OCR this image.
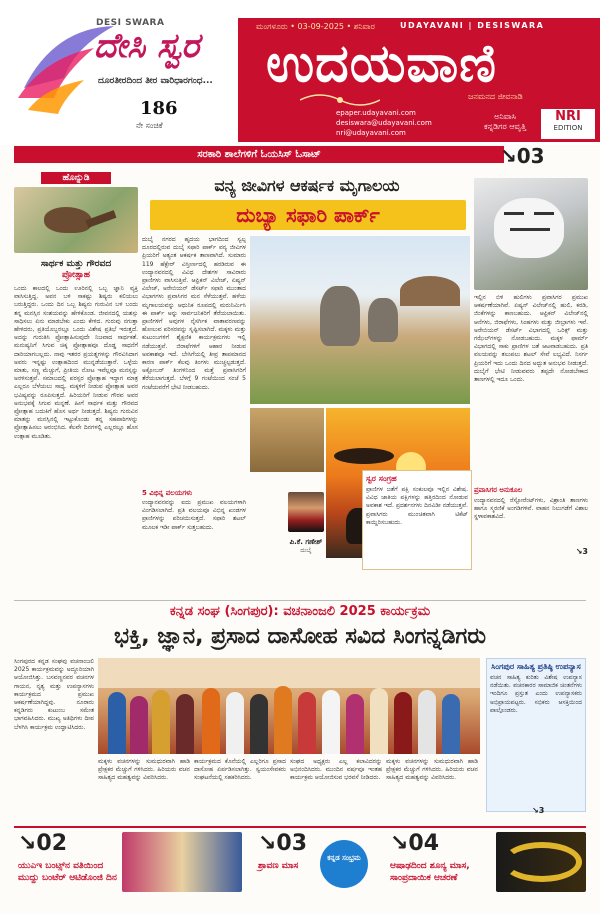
DESI SWARA
ದೇಸಿ ಸ್ವರ
ದೂರತೀರದಿಂದ ತೀರ ವಾರಿಧಾರಗಂಧ...
186
ನೇ ಸಂಚಿಕೆ
ಮಂಗಳೂರು • 03-09-2025 • ಶನಿವಾರ	UDAYAVANI | DESISWARA
ಉದಯವಾಣಿ
ಜನಮನದ ಜೀವನಾಡಿ
epaper.udayavani.com
desiswara@udayavani.com
nri@udayavani.com
ಅನಿವಾಸಿ
ಕನ್ನಡಿಗರ ಆವೃತ್ತಿ
NRI
EDITION
ಸರಕಾರಿ ಶಾಲೆಗಳಿಗೆ ಓಯಸಿಸ್ ಓಸಾಟ್	↘03
ಹೊನ್ನುಡಿ
ಸಾರ್ಥಕ ಮತ್ತು ಗೌರವದ
ಪ್ರೋತ್ಸಾಹ
ಒಂದು ಕಾಲದಲ್ಲಿ ಒಂದು ಊರಿನಲ್ಲಿ ಒಬ್ಬ ಜ್ಞಾನಿ ವ್ಯಕ್ತಿ ವಾಸಿಸುತ್ತಿದ್ದ. ಅವನ ಬಳಿ ಸಾಕಷ್ಟು ಶಿಷ್ಯರು ಕಲಿಯಲು ಬರುತ್ತಿದ್ದರು. ಒಂದು ದಿನ ಒಬ್ಬ ಶಿಷ್ಯನು ಗುರುವಿನ ಬಳಿ ಬಂದು ತನ್ನ ಮನಸ್ಸಿನ ಸಂಶಯವನ್ನು ಹೇಳಿಕೊಂಡ. ಜೀವನದಲ್ಲಿ ಯಶಸ್ಸು ಸಾಧಿಸಲು ಏನು ಮಾಡಬೇಕು ಎಂದು ಕೇಳಿದ. ಗುರುವು ನಗುತ್ತಾ ಹೇಳಿದರು, ಪ್ರತಿಯೊಬ್ಬರಲ್ಲೂ ಒಂದು ವಿಶೇಷ ಪ್ರತಿಭೆ ಇರುತ್ತದೆ. ಅದನ್ನು ಗುರುತಿಸಿ ಪ್ರೋತ್ಸಾಹಿಸುವುದೇ ನಿಜವಾದ ಸಾರ್ಥಕತೆ. ಮನುಷ್ಯನಿಗೆ ಸಿಗುವ ಚಿಕ್ಕ ಪ್ರೋತ್ಸಾಹವೂ ದೊಡ್ಡ ಸಾಧನೆಗೆ ದಾರಿಯಾಗಬಲ್ಲದು. ನಾವು ಇತರರ ಪ್ರಯತ್ನಗಳನ್ನು ಗೌರವಿಸಿದಾಗ ಅವರು ಇನ್ನಷ್ಟು ಉತ್ಸಾಹದಿಂದ ಮುನ್ನಡೆಯುತ್ತಾರೆ. ಒಳ್ಳೆಯ ಮಾತು, ಸಣ್ಣ ಮೆಚ್ಚುಗೆ, ಪ್ರೀತಿಯ ನೋಟ ಇವೆಲ್ಲವೂ ಮನಸ್ಸನ್ನು ಅರಳಿಸುತ್ತವೆ. ಸಮಾಜದಲ್ಲಿ ಪರಸ್ಪರ ಪ್ರೋತ್ಸಾಹ ಇದ್ದಾಗ ಮಾತ್ರ ಎಲ್ಲರೂ ಬೆಳೆಯಲು ಸಾಧ್ಯ. ಮಕ್ಕಳಿಗೆ ನೀಡುವ ಪ್ರೋತ್ಸಾಹ ಅವರ ಭವಿಷ್ಯವನ್ನು ರೂಪಿಸುತ್ತದೆ. ಹಿರಿಯರಿಗೆ ನೀಡುವ ಗೌರವ ಅವರ ಅನುಭವಕ್ಕೆ ಸಿಗುವ ಮನ್ನಣೆ. ಹೀಗೆ ಸಾರ್ಥಕ ಮತ್ತು ಗೌರವದ ಪ್ರೋತ್ಸಾಹ ಬದುಕಿಗೆ ಹೊಸ ಅರ್ಥ ನೀಡುತ್ತದೆ. ಶಿಷ್ಯನು ಗುರುವಿನ ಮಾತನ್ನು ಮನಸ್ಸಿನಲ್ಲಿ ಇಟ್ಟುಕೊಂಡು ತನ್ನ ಸಹಪಾಠಿಗಳನ್ನು ಪ್ರೋತ್ಸಾಹಿಸಲು ಆರಂಭಿಸಿದ. ಕೆಲವೇ ದಿನಗಳಲ್ಲಿ ಎಲ್ಲರಲ್ಲೂ ಹೊಸ ಉತ್ಸಾಹ ಮೂಡಿತು.
ವನ್ಯ ಜೀವಿಗಳ ಆಕರ್ಷಕ ಮೃಗಾಲಯ
ದುಬ್ಯಾ ಸಫಾರಿ ಪಾರ್ಕ್
ದುಬೈ ನಗರದ ಹೃದಯ ಭಾಗದಿಂದ ಸ್ವಲ್ಪ ದೂರದಲ್ಲಿರುವ ದುಬೈ ಸಫಾರಿ ಪಾರ್ಕ್ ವನ್ಯ ಜೀವಿಗಳ ಪ್ರಿಯರಿಗೆ ಅತ್ಯಂತ ಆಕರ್ಷಕ ತಾಣವಾಗಿದೆ. ಸುಮಾರು 119 ಹೆಕ್ಟೇರ್ ವಿಸ್ತೀರ್ಣದಲ್ಲಿ ಹರಡಿರುವ ಈ ಉದ್ಯಾನವನದಲ್ಲಿ ವಿವಿಧ ದೇಶಗಳ ಸಾವಿರಾರು ಪ್ರಾಣಿಗಳು ವಾಸಿಸುತ್ತಿವೆ. ಆಫ್ರಿಕನ್ ವಿಲೇಜ್, ಏಷ್ಯನ್ ವಿಲೇಜ್, ಅರೇಬಿಯನ್ ಡೆಸರ್ಟ್ ಸಫಾರಿ ಮುಂತಾದ ವಿಭಾಗಗಳು ಪ್ರವಾಸಿಗರ ಮನ ಸೆಳೆಯುತ್ತವೆ. ಹಳೆಯ ಮೃಗಾಲಯವನ್ನು ಆಧುನಿಕ ರೂಪದಲ್ಲಿ ಮರುನಿರ್ಮಿಸಿ ಈ ಪಾರ್ಕ್ ಅನ್ನು ಸಾರ್ವಜನಿಕರಿಗೆ ತೆರೆಯಲಾಯಿತು. ಪ್ರಾಣಿಗಳಿಗೆ ಅವುಗಳ ನೈಸರ್ಗಿಕ ವಾತಾವರಣವನ್ನು ಹೋಲುವ ಪರಿಸರವನ್ನು ಸೃಷ್ಟಿಸಲಾಗಿದೆ. ಮಕ್ಕಳು ಮತ್ತು ಕುಟುಂಬಗಳಿಗೆ ಶೈಕ್ಷಣಿಕ ಕಾರ್ಯಕ್ರಮಗಳು ಇಲ್ಲಿ ನಡೆಯುತ್ತವೆ. ಜಿರಾಫೆಗಳಿಗೆ ಆಹಾರ ನೀಡುವ ಅವಕಾಶವೂ ಇದೆ. ಬೇಸಿಗೆಯಲ್ಲಿ ತೀವ್ರ ತಾಪಮಾನದ ಕಾರಣ ಪಾರ್ಕ್ ಕೆಲವು ತಿಂಗಳು ಮುಚ್ಚಲ್ಪಡುತ್ತದೆ. ಅಕ್ಟೋಬರ್ ತಿಂಗಳಿನಿಂದ ಮತ್ತೆ ಪ್ರವಾಸಿಗರಿಗೆ ತೆರೆಯಲಾಗುತ್ತದೆ. ಬೆಳಗ್ಗೆ 9 ಗಂಟೆಯಿಂದ ಸಂಜೆ 5 ಗಂಟೆಯವರೆಗೆ ಭೇಟಿ ನೀಡಬಹುದು.
5 ವಿಭಿನ್ನ ವಲಯಗಳು
ಉದ್ಯಾನವನವನ್ನು ಐದು ಪ್ರಮುಖ ವಲಯಗಳಾಗಿ ವಿಂಗಡಿಸಲಾಗಿದೆ. ಪ್ರತಿ ವಲಯವೂ ವಿಭಿನ್ನ ಖಂಡಗಳ ಪ್ರಾಣಿಗಳನ್ನು ಪರಿಚಯಿಸುತ್ತದೆ. ಸಫಾರಿ ಶಟಲ್ ಮೂಲಕ ಇಡೀ ಪಾರ್ಕ್ ಸುತ್ತಬಹುದು.
ಪಿ.ಕೆ. ಗಣೇಶ್
ದುಬೈ
ಸ್ವರ ಸಂಗ್ರಹ
ಪ್ರಾಣಿಗಳ ಜತೆಗೆ ಪಕ್ಷಿ ಸಂಕುಲವೂ ಇಲ್ಲಿನ ವಿಶೇಷ. ವಿವಿಧ ಜಾತಿಯ ಪಕ್ಷಿಗಳನ್ನು ಹತ್ತಿರದಿಂದ ನೋಡುವ ಅವಕಾಶ ಇದೆ. ಪ್ರದರ್ಶನಗಳು ದಿನವಿಡೀ ನಡೆಯುತ್ತವೆ. ಪ್ರವಾಸಿಗರು ಮುಂಚಿತವಾಗಿ ಟಿಕೆಟ್ ಕಾಯ್ದಿರಿಸಬಹುದು.
ಇಲ್ಲಿನ ಬಿಳಿ ಹುಲಿಗಳು ಪ್ರವಾಸಿಗರ ಪ್ರಮುಖ ಆಕರ್ಷಣೆಯಾಗಿವೆ. ಏಷ್ಯನ್ ವಿಲೇಜ್‌ನಲ್ಲಿ ಹುಲಿ, ಕರಡಿ, ಜಿಂಕೆಗಳನ್ನು ಕಾಣಬಹುದು. ಆಫ್ರಿಕನ್ ವಿಲೇಜ್‌ನಲ್ಲಿ ಆನೆಗಳು, ಜಿರಾಫೆಗಳು, ಸಿಂಹಗಳು ಮತ್ತು ಜೀಬ್ರಾಗಳು ಇವೆ. ಅರೇಬಿಯನ್ ಡೆಸರ್ಟ್ ವಿಭಾಗದಲ್ಲಿ ಒರಿಕ್ಸ್ ಮತ್ತು ಗಝೆಲ್‌ಗಳನ್ನು ನೋಡಬಹುದು. ಮಕ್ಕಳ ಫಾರ್ಮ್ ವಿಭಾಗದಲ್ಲಿ ಸಾಕು ಪ್ರಾಣಿಗಳ ಜತೆ ಆಟವಾಡಬಹುದು. ಪ್ರತಿ ವಲಯವನ್ನು ತಲುಪಲು ಶಟಲ್ ಸೇವೆ ಲಭ್ಯವಿದೆ. ನಿಸರ್ಗ ಪ್ರಿಯರಿಗೆ ಇದು ಒಂದು ದಿನದ ಅದ್ಭುತ ಅನುಭವ ನೀಡುತ್ತದೆ. ದುಬೈಗೆ ಭೇಟಿ ನೀಡುವವರು ತಪ್ಪದೇ ನೋಡಬೇಕಾದ ತಾಣಗಳಲ್ಲಿ ಇದೂ ಒಂದು.
ಪ್ರವಾಸಿಗರ ಅನುಕೂಲ
ಉದ್ಯಾನವನದಲ್ಲಿ ರೆಸ್ಟೋರೆಂಟ್‌ಗಳು, ವಿಶ್ರಾಂತಿ ತಾಣಗಳು ಹಾಗೂ ಸ್ಮರಣಿಕೆ ಅಂಗಡಿಗಳಿವೆ. ವಾಹನ ನಿಲುಗಡೆಗೆ ವಿಶಾಲ ಸ್ಥಳಾವಕಾಶವಿದೆ.
↘3
ಕನ್ನಡ ಸಂಘ (ಸಿಂಗಪುರ): ವಚನಾಂಜಲಿ 2025 ಕಾರ್ಯಕ್ರಮ
ಭಕ್ತಿ, ಜ್ಞಾನ, ಪ್ರಸಾದ ದಾಸೋಹ ಸವಿದ ಸಿಂಗನ್ನಡಿಗರು
ಸಿಂಗಪುರದ ಕನ್ನಡ ಸಂಘವು ವಚನಾಂಜಲಿ 2025 ಕಾರ್ಯಕ್ರಮವನ್ನು ಅದ್ದೂರಿಯಾಗಿ ಆಯೋಜಿಸಿತ್ತು. ಬಸವಣ್ಣನವರ ವಚನಗಳ ಗಾಯನ, ನೃತ್ಯ ಮತ್ತು ಉಪನ್ಯಾಸಗಳು ಕಾರ್ಯಕ್ರಮದ ಪ್ರಮುಖ ಆಕರ್ಷಣೆಯಾಗಿದ್ದವು. ನೂರಾರು ಕನ್ನಡಿಗರು ಕುಟುಂಬ ಸಮೇತ ಭಾಗವಹಿಸಿದರು. ಮುಖ್ಯ ಅತಿಥಿಗಳು ದೀಪ ಬೆಳಗಿಸಿ ಕಾರ್ಯಕ್ರಮ ಉದ್ಘಾಟಿಸಿದರು.
ಮಕ್ಕಳು ವಚನಗಳನ್ನು ಸುಮಧುರವಾಗಿ ಹಾಡಿ ಪ್ರೇಕ್ಷಕರ ಮೆಚ್ಚುಗೆ ಗಳಿಸಿದರು. ಹಿರಿಯರು ವಚನ ಸಾಹಿತ್ಯದ ಮಹತ್ವವನ್ನು ವಿವರಿಸಿದರು.
ಕಾರ್ಯಕ್ರಮದ ಕೊನೆಯಲ್ಲಿ ಎಲ್ಲರಿಗೂ ಪ್ರಸಾದ ದಾಸೋಹ ಏರ್ಪಡಿಸಲಾಗಿತ್ತು. ಸ್ವಯಂಸೇವಕರು ಸಂಘಟನೆಯಲ್ಲಿ ಸಹಕರಿಸಿದರು.
ಸಂಘದ ಅಧ್ಯಕ್ಷರು ಎಲ್ಲ ಕಲಾವಿದರನ್ನು ಅಭಿನಂದಿಸಿದರು. ಮುಂದಿನ ವರ್ಷವೂ ಇಂತಹ ಕಾರ್ಯಕ್ರಮ ಆಯೋಜಿಸುವ ಭರವಸೆ ನೀಡಿದರು.
ಮಕ್ಕಳು ವಚನಗಳನ್ನು ಸುಮಧುರವಾಗಿ ಹಾಡಿ ಪ್ರೇಕ್ಷಕರ ಮೆಚ್ಚುಗೆ ಗಳಿಸಿದರು. ಹಿರಿಯರು ವಚನ ಸಾಹಿತ್ಯದ ಮಹತ್ವವನ್ನು ವಿವರಿಸಿದರು.
ಸಿಂಗಪುರ ಸಾಹಿತ್ಯ ಪ್ರತಿಷ್ಠಿ ಉಪನ್ಯಾಸ
ವಚನ ಸಾಹಿತ್ಯ ಕುರಿತು ವಿಶೇಷ ಉಪನ್ಯಾಸ ನಡೆಯಿತು. ವಚನಕಾರರ ಸಾಮಾಜಿಕ ಚಿಂತನೆಗಳು ಇಂದಿಗೂ ಪ್ರಸ್ತುತ ಎಂದು ಉಪನ್ಯಾಸಕರು ಅಭಿಪ್ರಾಯಪಟ್ಟರು. ಸಭಿಕರು ಆಸಕ್ತಿಯಿಂದ ಪಾಲ್ಗೊಂಡರು.
↘3
↘02
ಯುಎಇ ಬಂಟ್ಸ್‌ನ ವತಿಯಿಂದ ಮುದ್ದು ಬಂಟೆರ್ ಆಟಿಡೊಂಜಿ ದಿನ
↘03
ಶ್ರಾವಣ ಮಾಸ
ಕನ್ನಡ ಸಂಭ್ರಮ
↘04
ಆಷಾಢದಿಂದ ಶೂನ್ಯ ಮಾಸ, ಸಾಂಪ್ರದಾಯಿಕ ಆಚರಣೆ
